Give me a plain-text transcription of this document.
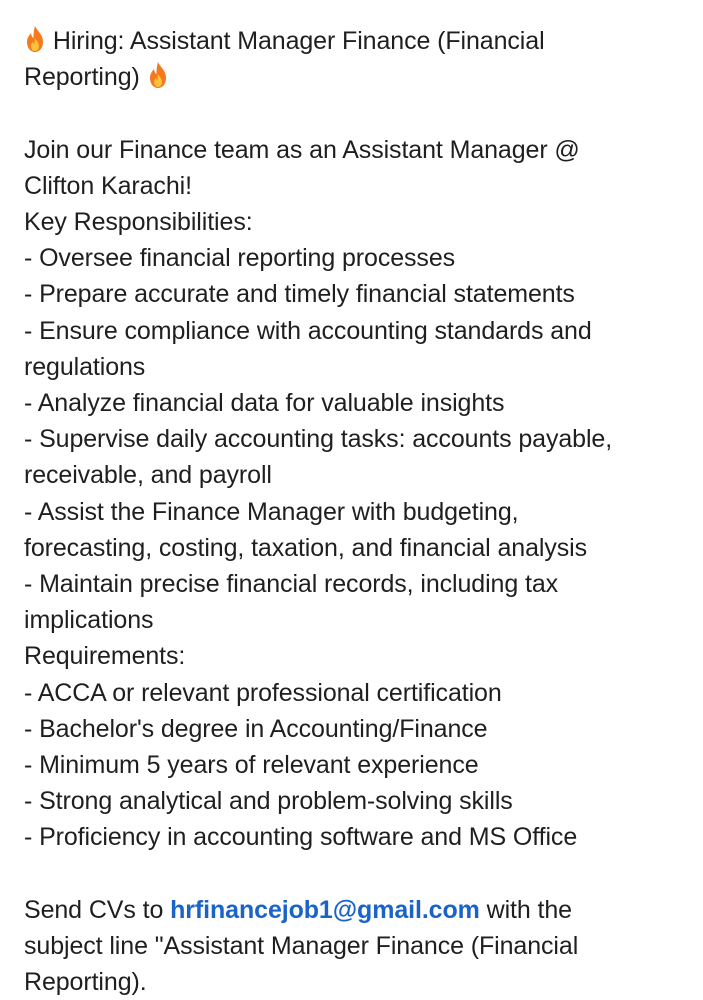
Hiring: Assistant Manager Finance (Financial
Reporting)
Join our Finance team as an Assistant Manager @
Clifton Karachi!
Key Responsibilities:
- Oversee financial reporting processes
- Prepare accurate and timely financial statements
- Ensure compliance with accounting standards and
regulations
- Analyze financial data for valuable insights
- Supervise daily accounting tasks: accounts payable,
receivable, and payroll
- Assist the Finance Manager with budgeting,
forecasting, costing, taxation, and financial analysis
- Maintain precise financial records, including tax
implications
Requirements:
- ACCA or relevant professional certification
- Bachelor's degree in Accounting/Finance
- Minimum 5 years of relevant experience
- Strong analytical and problem-solving skills
- Proficiency in accounting software and MS Office
Send CVs to hrfinancejob1@gmail.com with the
subject line "Assistant Manager Finance (Financial
Reporting).
